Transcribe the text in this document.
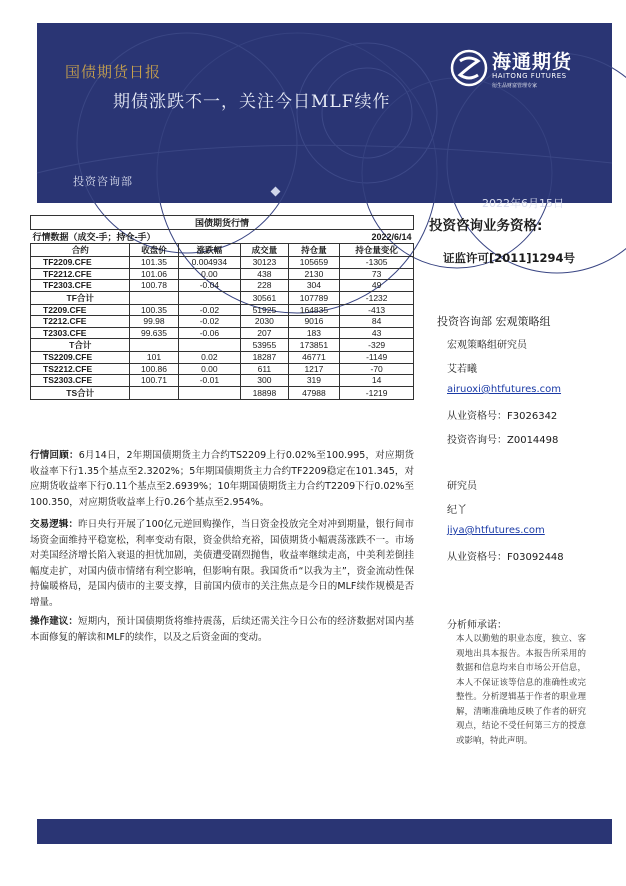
国债期货日报
期债涨跌不一，关注今日MLF续作
投资咨询部
2022年6月15日
海通期货
HAITONG FUTURES
衍生品财富管理专家
国债期货行情					
行情数据（成交-手；持仓-手）				2022/6/14	
合约	收盘价	涨跌幅	成交量	持仓量	持仓量变化
TF2209.CFE	101.35	0.004934	30123	105659	-1305
TF2212.CFE	101.06	0.00	438	2130	73
TF2303.CFE	100.78	-0.04	228	304	49
TF合计			30561	107789	-1232
T2209.CFE	100.35	-0.02	51925	164835	-413
T2212.CFE	99.98	-0.02	2030	9016	84
T2303.CFE	99.635	-0.06	207	183	43
T合计			53955	173851	-329
TS2209.CFE	101	0.02	18287	46771	-1149
TS2212.CFE	100.86	0.00	611	1217	-70
TS2303.CFE	100.71	-0.01	300	319	14
TS合计			18898	47988	-1219
行情回顾：6月14日，2年期国债期货主力合约TS2209上行0.02%至100.995，对应期货收益率下行1.35个基点至2.3202%；5年期国债期货主力合约TF2209稳定在101.345，对应期货收益率下行0.11个基点至2.6939%；10年期国债期货主力合约T2209下行0.02%至100.350，对应期货收益率上行0.26个基点至2.954%。
交易逻辑：昨日央行开展了100亿元逆回购操作，当日资金投放完全对冲到期量，银行间市场资金面维持平稳宽松，利率变动有限，资金供给充裕，国债期货小幅震荡涨跌不一。市场对美国经济增长陷入衰退的担忧加剧，美债遭受剧烈抛售，收益率继续走高，中美利差倒挂幅度走扩，对国内债市情绪有利空影响，但影响有限。我国货币“以我为主”，资金流动性保持偏暖格局，是国内债市的主要支撑，目前国内债市的关注焦点是今日的MLF续作规模是否增量。
操作建议：短期内，预计国债期货将维持震荡，后续还需关注今日公布的经济数据对国内基本面修复的解读和MLF的续作，以及之后资金面的变动。
投资咨询业务资格:
证监许可[2011]1294号
投资咨询部 宏观策略组
宏观策略组研究员
艾若曦
airuoxi@htfutures.com
从业资格号：F3026342
投资咨询号：Z0014498
研究员
纪丫
jiya@htfutures.com
从业资格号：F03092448
分析师承诺：
本人以勤勉的职业态度，独立、客观地出具本报告。本报告所采用的数据和信息均来自市场公开信息，本人不保证该等信息的准确性或完整性。分析逻辑基于作者的职业理解，清晰准确地反映了作者的研究观点，结论不受任何第三方的授意或影响，特此声明。
